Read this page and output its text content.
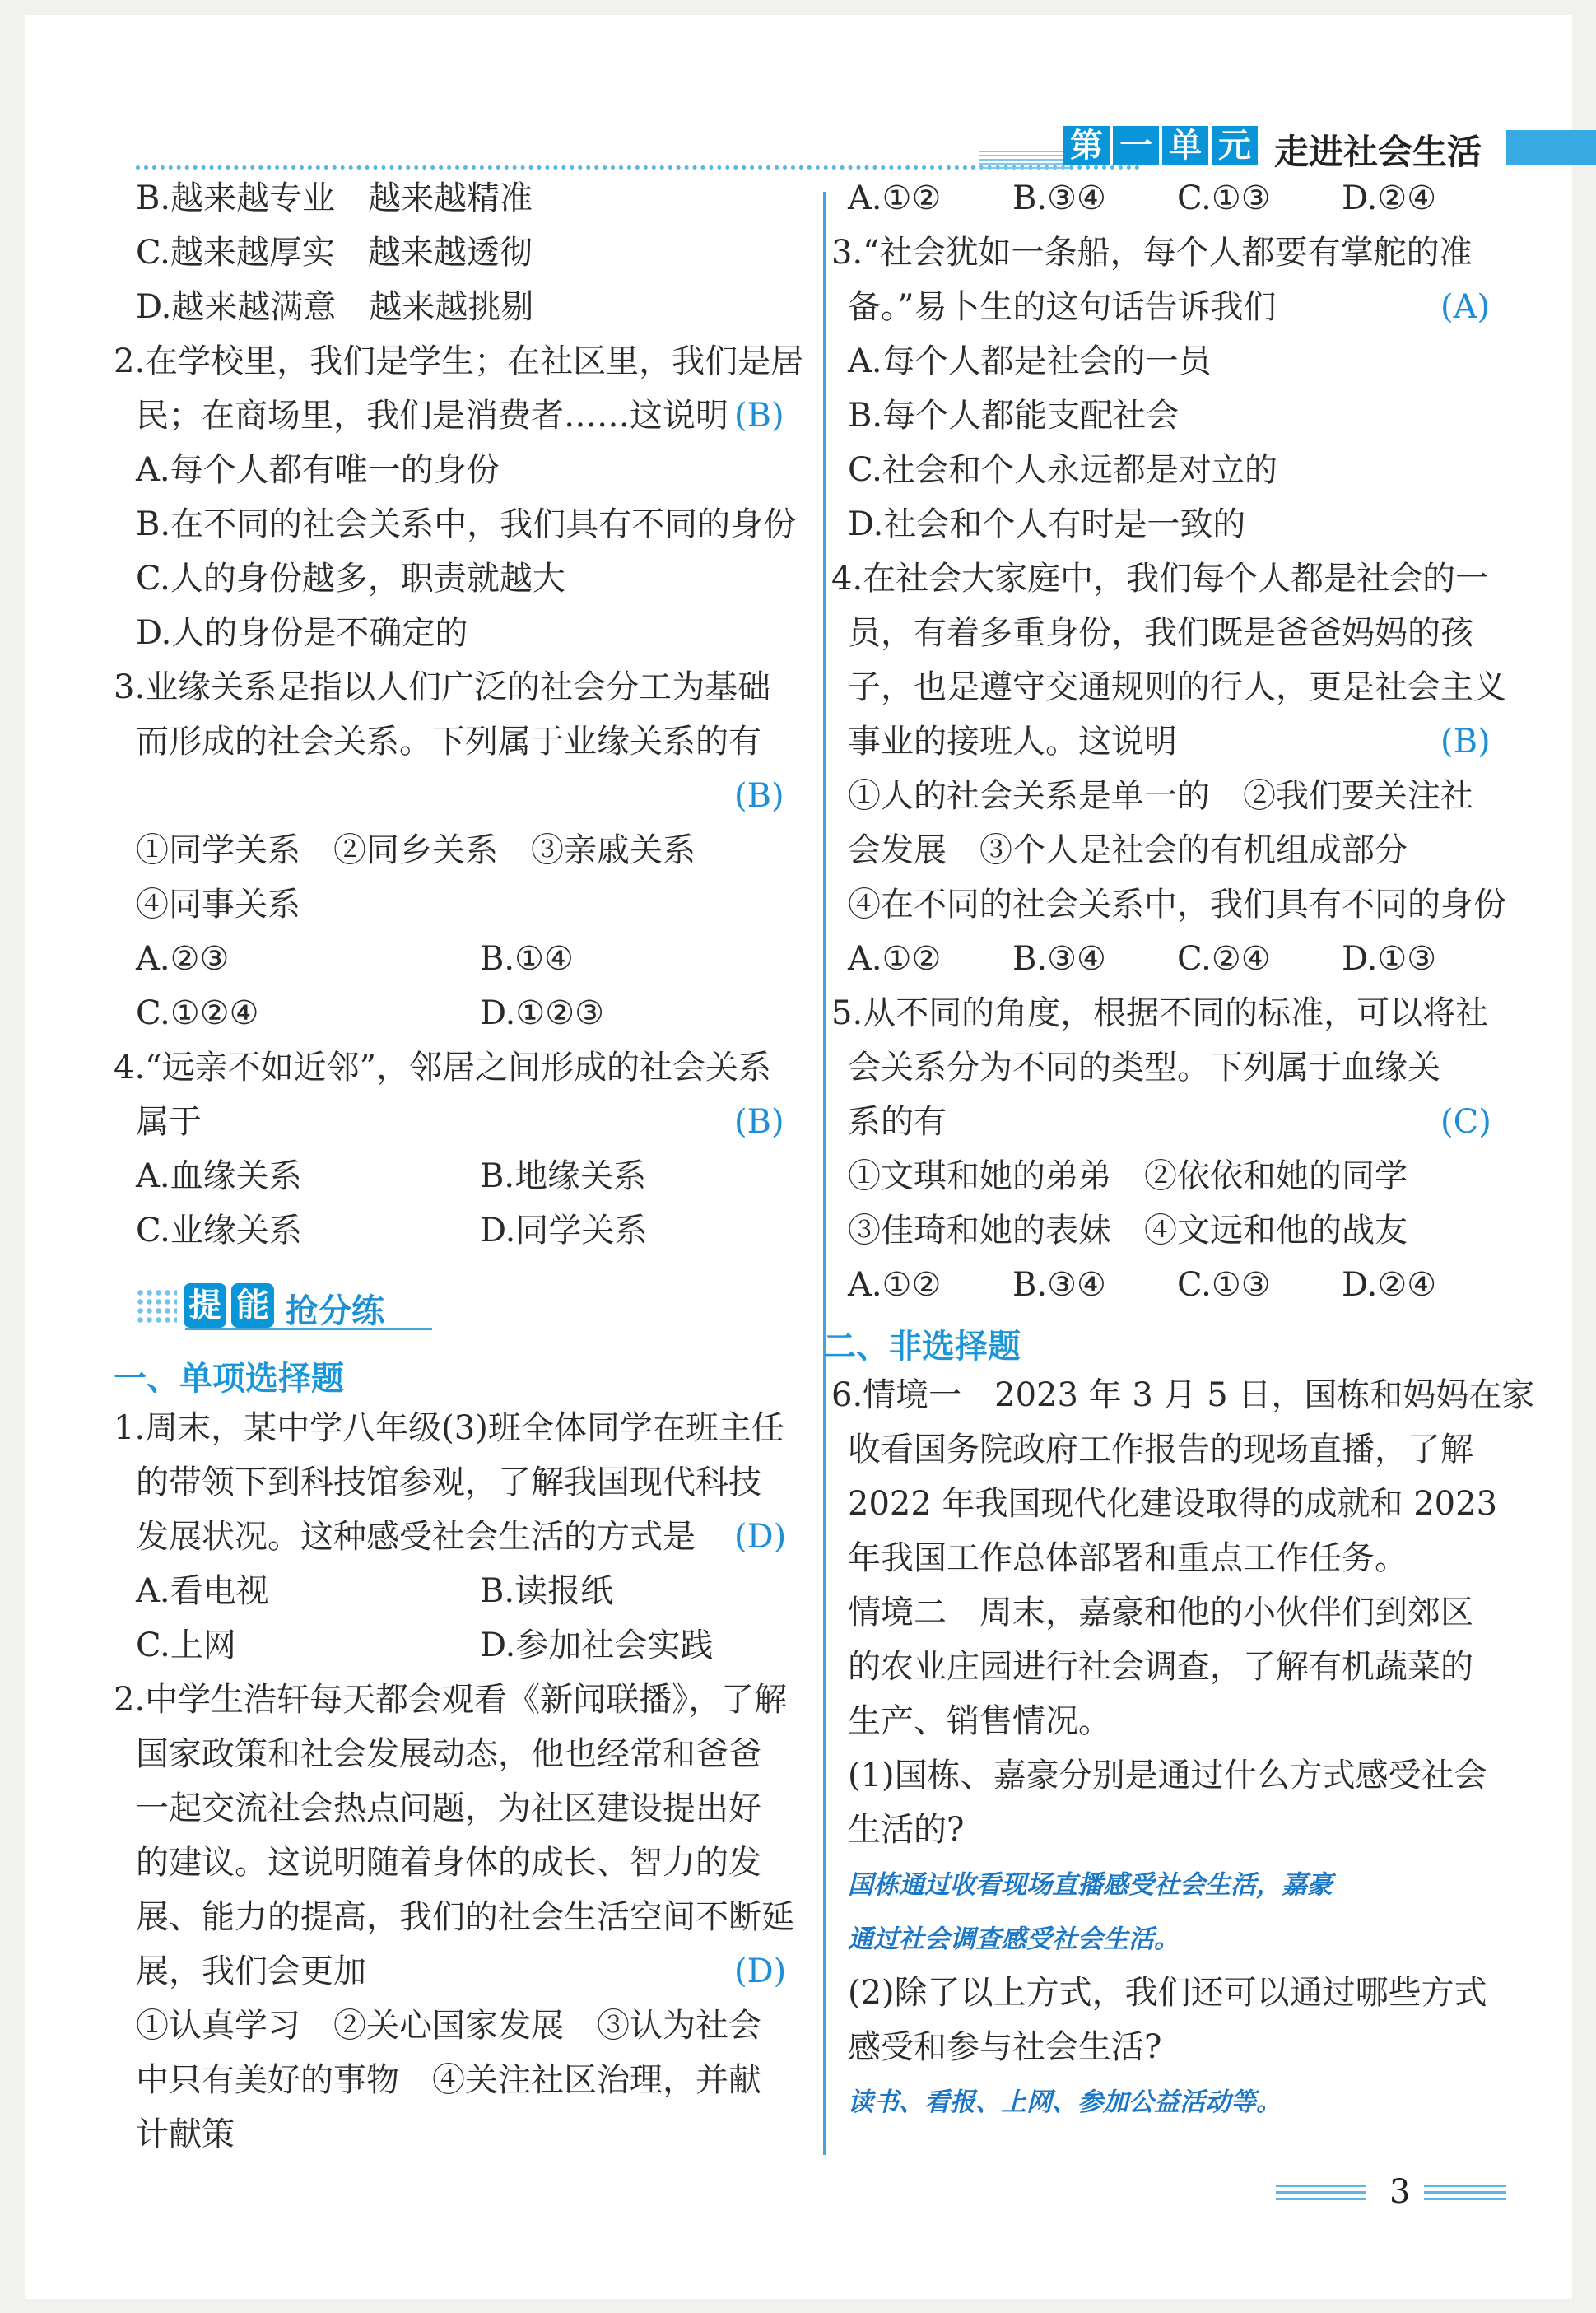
第 一 单 元 走进社会生活
B.越来越专业　越来越精准
C.越来越厚实　越来越透彻
D.越来越满意　越来越挑剔
2.在学校里，我们是学生；在社区里，我们是居
民；在商场里，我们是消费者……这说明 (B)
A.每个人都有唯一的身份
B.在不同的社会关系中，我们具有不同的身份
C.人的身份越多，职责就越大
D.人的身份是不确定的
3.业缘关系是指以人们广泛的社会分工为基础
而形成的社会关系。下列属于业缘关系的有
(B)
①同学关系　②同乡关系　③亲戚关系
④同事关系
A.②③	B.①④
C.①②④	D.①②③
4.“远亲不如近邻”，邻居之间形成的社会关系
属于	(B)
A.血缘关系	B.地缘关系
C.业缘关系	D.同学关系
提 能 抢分练
一、单项选择题
1.周末，某中学八年级(3)班全体同学在班主任
的带领下到科技馆参观，了解我国现代科技
发展状况。这种感受社会生活的方式是 (D)
A.看电视	B.读报纸
C.上网	D.参加社会实践
2.中学生浩轩每天都会观看《新闻联播》，了解
国家政策和社会发展动态，他也经常和爸爸
一起交流社会热点问题，为社区建设提出好
的建议。这说明随着身体的成长、智力的发
展、能力的提高，我们的社会生活空间不断延
展，我们会更加	(D)
①认真学习　②关心国家发展　③认为社会
中只有美好的事物　④关注社区治理，并献
计献策
A.①② B.③④ C.①③ D.②④
3.“社会犹如一条船，每个人都要有掌舵的准
备。”易卜生的这句话告诉我们	(A)
A.每个人都是社会的一员
B.每个人都能支配社会
C.社会和个人永远都是对立的
D.社会和个人有时是一致的
4.在社会大家庭中，我们每个人都是社会的一
员，有着多重身份，我们既是爸爸妈妈的孩
子，也是遵守交通规则的行人，更是社会主义
事业的接班人。这说明	(B)
①人的社会关系是单一的　②我们要关注社
会发展　③个人是社会的有机组成部分
④在不同的社会关系中，我们具有不同的身份
A.①② B.③④ C.②④ D.①③
5.从不同的角度，根据不同的标准，可以将社
会关系分为不同的类型。下列属于血缘关
系的有	(C)
①文琪和她的弟弟　②依依和她的同学
③佳琦和她的表妹　④文远和他的战友
A.①② B.③④ C.①③ D.②④
二、非选择题
6.情境一　2023 年 3 月 5 日，国栋和妈妈在家
收看国务院政府工作报告的现场直播，了解
2022 年我国现代化建设取得的成就和 2023
年我国工作总体部署和重点工作任务。
情境二　周末，嘉豪和他的小伙伴们到郊区
的农业庄园进行社会调查，了解有机蔬菜的
生产、销售情况。
(1)国栋、嘉豪分别是通过什么方式感受社会
生活的?
国栋通过收看现场直播感受社会生活，嘉豪
通过社会调查感受社会生活。
(2)除了以上方式，我们还可以通过哪些方式
感受和参与社会生活?
读书、看报、上网、参加公益活动等。
3
